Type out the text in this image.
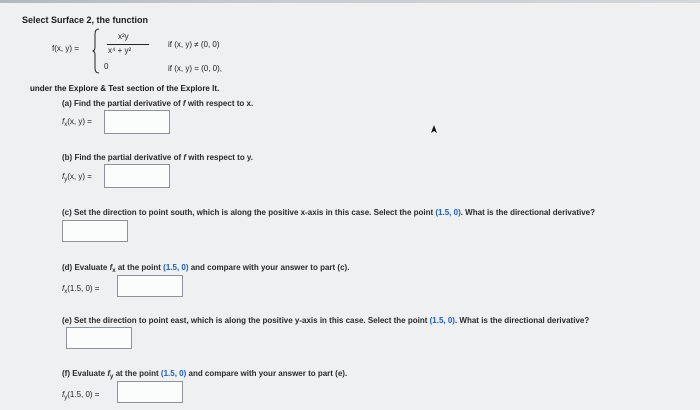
Select Surface 2, the function
f(x, y) =
x²y
x⁴ + y²
if (x, y) ≠ (0, 0)
0	if (x, y) = (0, 0),
under the Explore & Test section of the Explore It.
(a) Find the partial derivative of f with respect to x.
$f_x(x$, y) =
(b) Find the partial derivative of f with respect to y.
$f_y(x$, y) =
(c) Set the direction to point south, which is along the positive x-axis in this case. Select the point (1.5, 0). What is the directional derivative?
(d) Evaluate $f_x$ at the point (1.5, 0) and compare with your answer to part (c).
$f_x(1.5$, 0) =
(e) Set the direction to point east, which is along the positive y-axis in this case. Select the point (1.5, 0). What is the directional derivative?
(f) Evaluate $f_y$ at the point (1.5, 0) and compare with your answer to part (e).
$f_y(1.5$, 0) =
